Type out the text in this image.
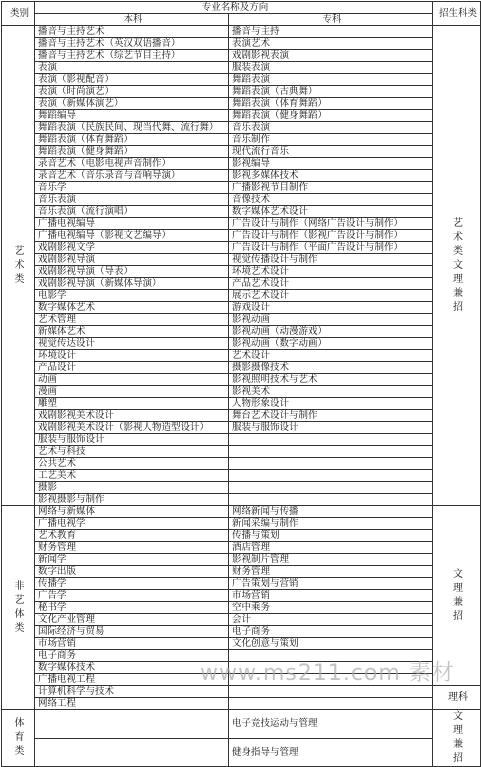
类别	专业名称及方向		招生科类
	本科	专科	
艺术类	播音与主持艺术	播音与主持	艺术类文理兼招
	播音与主持艺术（英汉双语播音）	表演艺术	
	播音与主持艺术（综艺节目主持）	戏剧影视表演	
	表演	服装表演	
	表演（影视配音）	舞蹈表演	
	表演（时尚演艺）	舞蹈表演（古典舞）	
	表演（新媒体演艺）	舞蹈表演（体育舞蹈）	
	舞蹈编导	舞蹈表演（健身舞蹈）	
	舞蹈表演（民族民间、现当代舞、流行舞）	音乐表演	
	舞蹈表演（体育舞蹈）	音乐制作	
	舞蹈表演（健身舞蹈）	现代流行音乐	
	录音艺术（电影电视声音制作）	影视编导	
	录音艺术（音乐录音与音响导演）	影视多媒体技术	
	音乐学	广播影视节目制作	
	音乐表演	音像技术	
	音乐表演（流行演唱）	数字媒体艺术设计	
	广播电视编导	广告设计与制作（网络广告设计与制作）	
	广播电视编导（影视文艺编导）	广告设计与制作（影视广告设计与制作）	
	戏剧影视文学	广告设计与制作（平面广告设计与制作）	
	戏剧影视导演	视觉传播设计与制作	
	戏剧影视导演（导表）	环境艺术设计	
	戏剧影视导演（新媒体导演）	产品艺术设计	
	电影学	展示艺术设计	
	数字媒体艺术	游戏设计	
	艺术管理	影视动画	
	新媒体艺术	影视动画（动漫游戏）	
	视觉传达设计	影视动画（数字动画）	
	环境设计	艺术设计	
	产品设计	摄影摄像技术	
	动画	影视照明技术与艺术	
	漫画	影视美术	
	雕塑	人物形象设计	
	戏剧影视美术设计	舞台艺术设计与制作	
	戏剧影视美术设计（影视人物造型设计）	服装与服饰设计	
	服装与服饰设计		
	艺术与科技		
	公共艺术		
	工艺美术		
	摄影		
	影视摄影与制作		
非艺体类	网络与新媒体	网络新闻与传播	文理兼招
	广播电视学	新闻采编与制作	
	艺术教育	传播与策划	
	财务管理	酒店管理	
	新闻学	影视制片管理	
	数字出版	财务管理	
	传播学	广告策划与营销	
	广告学	市场营销	
	秘书学	空中乘务	
	文化产业管理	会计	
	国际经济与贸易	电子商务	
	市场营销	文化创意与策划	
	电子商务		
	数字媒体技术		
	广播电视工程		
	计算机科学与技术		理科
	网络工程		
体育类		电子竞技运动与管理	文理兼招
		健身指导与管理	
www.ms211.com 素材
